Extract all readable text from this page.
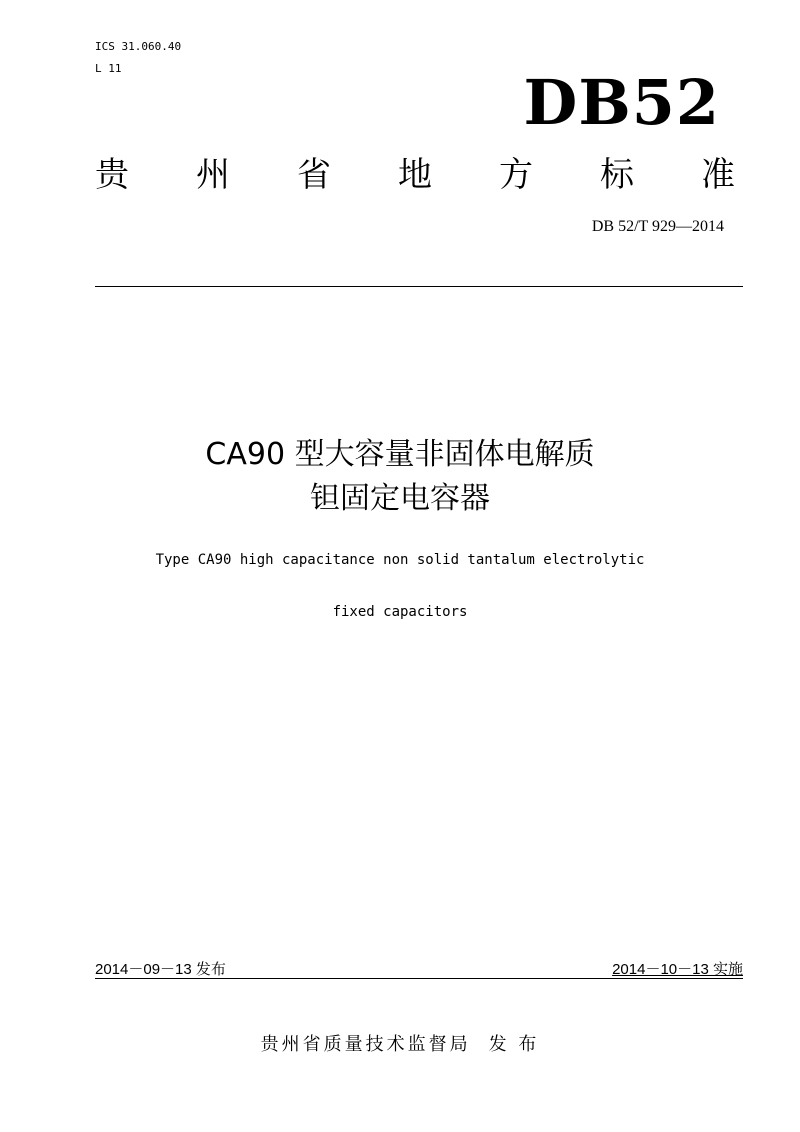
ICS 31.060.40
L 11	DB52
贵 州 省 地 方 标 准
DB 52/T 929—2014
CA90 型大容量非固体电解质
钽固定电容器
Type CA90 high capacitance non solid tantalum electrolytic
fixed capacitors
2014－09－13 发布	2014－10－13 实施
贵州省质量技术监督局 发 布
